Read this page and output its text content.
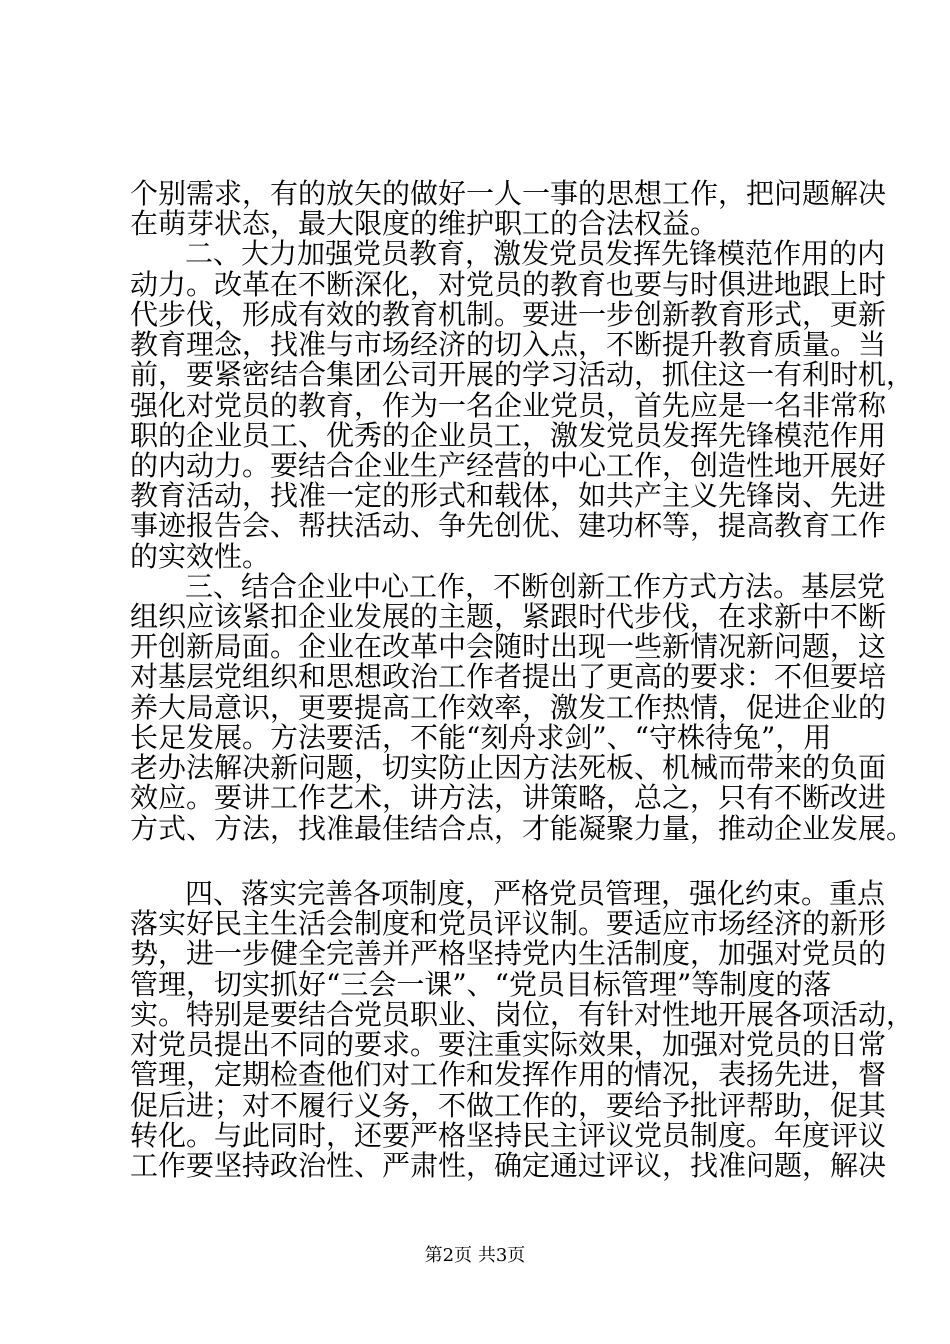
个别需求，有的放矢的做好一人一事的思想工作，把问题解决
在萌芽状态，最大限度的维护职工的合法权益。
二、大力加强党员教育，激发党员发挥先锋模范作用的内
动力。改革在不断深化，对党员的教育也要与时俱进地跟上时
代步伐，形成有效的教育机制。要进一步创新教育形式，更新
教育理念，找准与市场经济的切入点，不断提升教育质量。当
前，要紧密结合集团公司开展的学习活动，抓住这一有利时机，
强化对党员的教育，作为一名企业党员，首先应是一名非常称
职的企业员工、优秀的企业员工，激发党员发挥先锋模范作用
的内动力。要结合企业生产经营的中心工作，创造性地开展好
教育活动，找准一定的形式和载体，如共产主义先锋岗、先进
事迹报告会、帮扶活动、争先创优、建功杯等，提高教育工作
的实效性。
三、结合企业中心工作，不断创新工作方式方法。基层党
组织应该紧扣企业发展的主题，紧跟时代步伐，在求新中不断
开创新局面。企业在改革中会随时出现一些新情况新问题，这
对基层党组织和思想政治工作者提出了更高的要求：不但要培
养大局意识，更要提高工作效率，激发工作热情，促进企业的
长足发展。方法要活，不能“刻舟求剑”、“守株待兔”，用
老办法解决新问题，切实防止因方法死板、机械而带来的负面
效应。要讲工作艺术，讲方法，讲策略，总之，只有不断改进
方式、方法，找准最佳结合点，才能凝聚力量，推动企业发展。
四、落实完善各项制度，严格党员管理，强化约束。重点
落实好民主生活会制度和党员评议制。要适应市场经济的新形
势，进一步健全完善并严格坚持党内生活制度，加强对党员的
管理，切实抓好“三会一课”、“党员目标管理”等制度的落
实。特别是要结合党员职业、岗位，有针对性地开展各项活动，
对党员提出不同的要求。要注重实际效果，加强对党员的日常
管理，定期检查他们对工作和发挥作用的情况，表扬先进，督
促后进；对不履行义务，不做工作的，要给予批评帮助，促其
转化。与此同时，还要严格坚持民主评议党员制度。年度评议
工作要坚持政治性、严肃性，确定通过评议，找准问题，解决
第2页 共3页
